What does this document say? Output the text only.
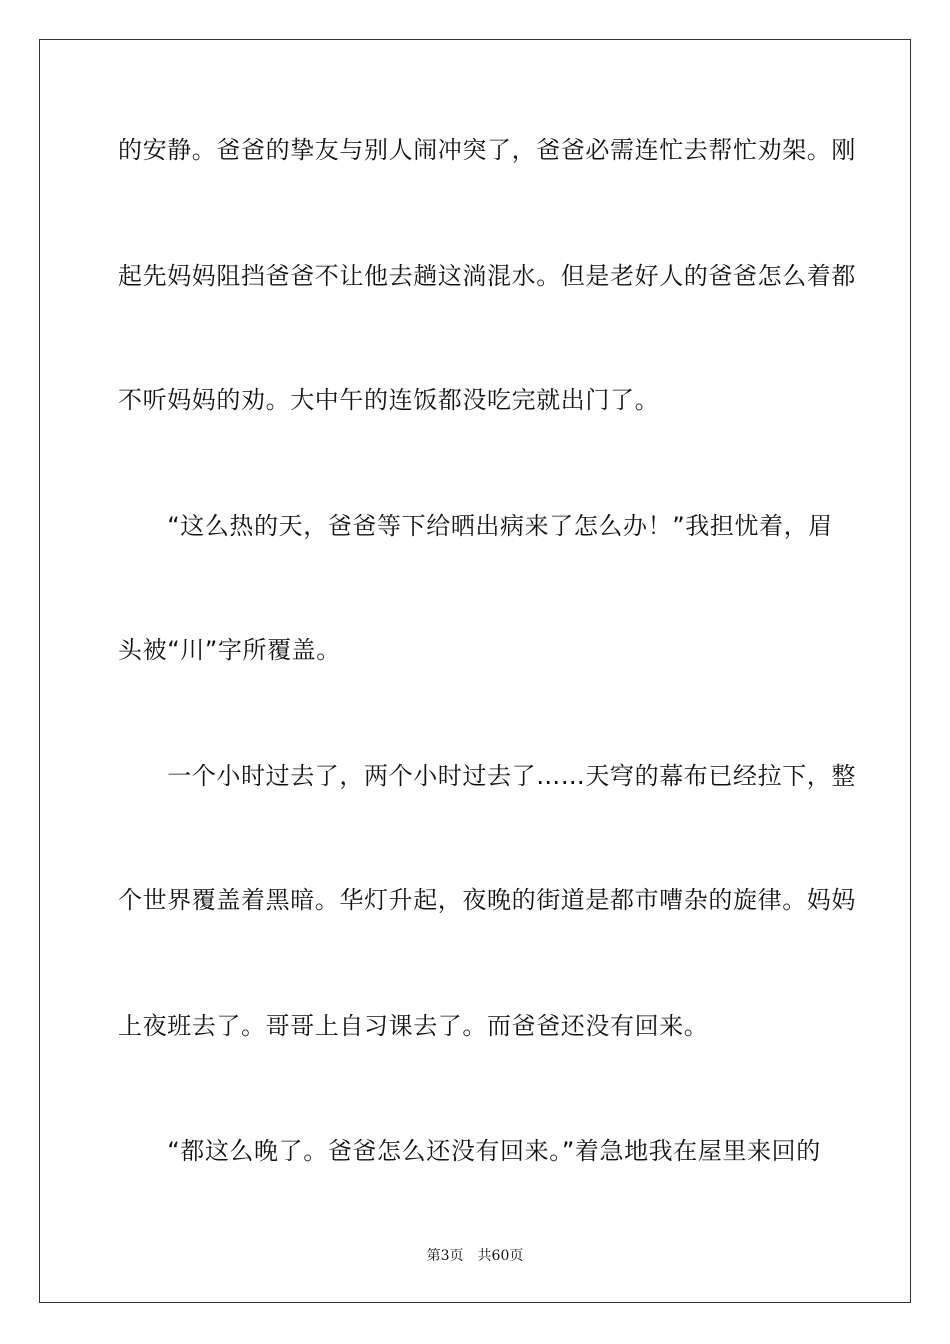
的安静。爸爸的挚友与别人闹冲突了，爸爸必需连忙去帮忙劝架。刚
起先妈妈阻挡爸爸不让他去趟这淌混水。但是老好人的爸爸怎么着都
不听妈妈的劝。大中午的连饭都没吃完就出门了。
　　“这么热的天，爸爸等下给晒出病来了怎么办！”我担忧着，眉
头被“川”字所覆盖。
　　一个小时过去了，两个小时过去了……天穹的幕布已经拉下，整
个世界覆盖着黑暗。华灯升起，夜晚的街道是都市嘈杂的旋律。妈妈
上夜班去了。哥哥上自习课去了。而爸爸还没有回来。
　　“都这么晚了。爸爸怎么还没有回来。”着急地我在屋里来回的
第3页 共60页
